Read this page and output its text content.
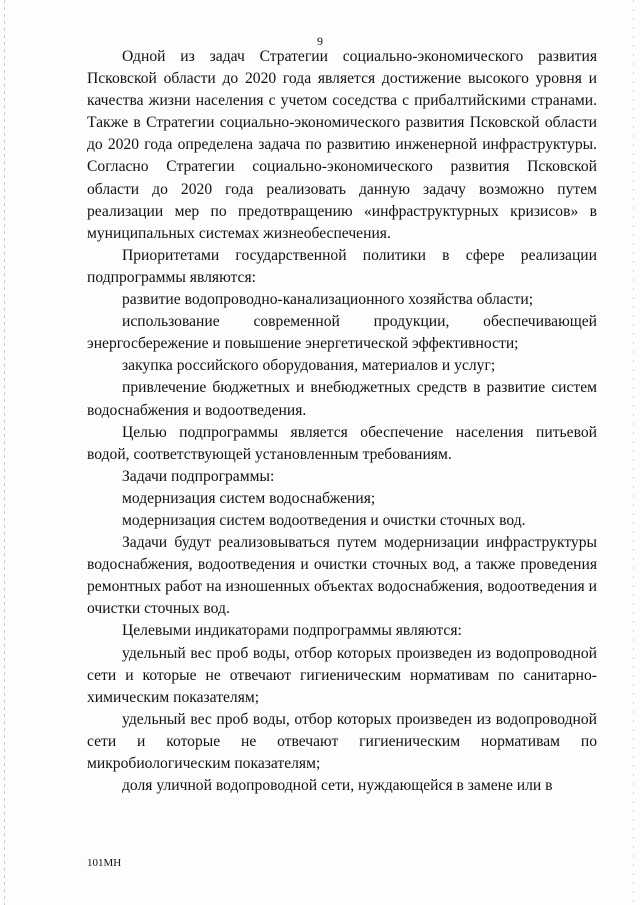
9

Одной из задач Стратегии социально-экономического развития Псковской области до 2020 года является достижение высокого уровня и качества жизни населения с учетом соседства с прибалтийскими странами. Также в Стратегии социально-экономического развития Псковской области до 2020 года определена задача по развитию инженерной инфраструктуры. Согласно Стратегии социально-экономического развития Псковской области до 2020 года реализовать данную задачу возможно путем реализации мер по предотвращению «инфраструктурных кризисов» в муниципальных системах жизнеобеспечения.

Приоритетами государственной политики в сфере реализации подпрограммы являются:

развитие водопроводно-канализационного хозяйства области;

использование современной продукции, обеспечивающей энергосбережение и повышение энергетической эффективности;

закупка российского оборудования, материалов и услуг;

привлечение бюджетных и внебюджетных средств в развитие систем водоснабжения и водоотведения.

Целью подпрограммы является обеспечение населения питьевой водой, соответствующей установленным требованиям.

Задачи подпрограммы:

модернизация систем водоснабжения;

модернизация систем водоотведения и очистки сточных вод.

Задачи будут реализовываться путем модернизации инфраструктуры водоснабжения, водоотведения и очистки сточных вод, а также проведения ремонтных работ на изношенных объектах водоснабжения, водоотведения и очистки сточных вод.

Целевыми индикаторами подпрограммы являются:

удельный вес проб воды, отбор которых произведен из водопроводной сети и которые не отвечают гигиеническим нормативам по санитарно-химическим показателям;

удельный вес проб воды, отбор которых произведен из водопроводной сети и которые не отвечают гигиеническим нормативам по микробиологическим показателям;

доля уличной водопроводной сети, нуждающейся в замене или в

101МН
